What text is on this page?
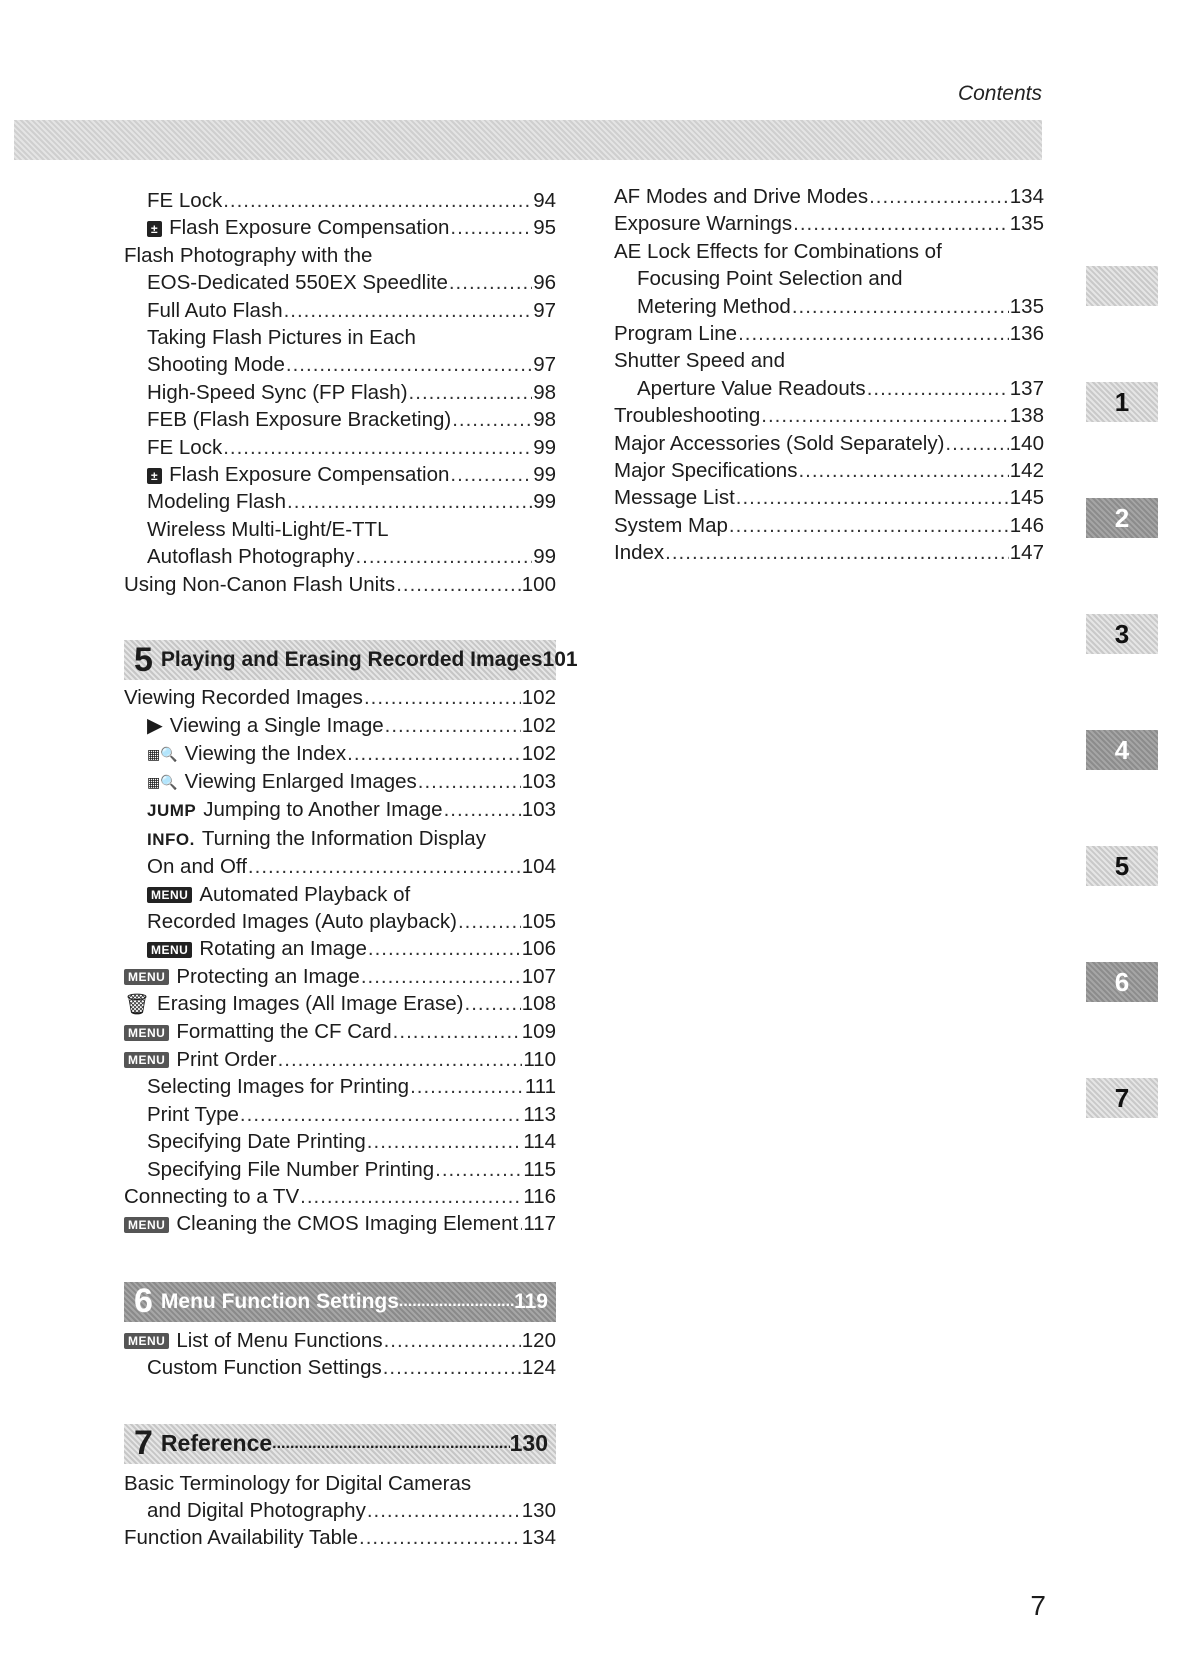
Contents
FE Lock .....	94
± Flash Exposure Compensation .....	95
Flash Photography with the
EOS-Dedicated 550EX Speedlite .....	96
Full Auto Flash .....	97
Taking Flash Pictures in Each
Shooting Mode .....	97
High-Speed Sync (FP Flash) .....	98
FEB (Flash Exposure Bracketing) .....	98
FE Lock .....	99
± Flash Exposure Compensation .....	99
Modeling Flash .....	99
Wireless Multi-Light/E-TTL
Autoflash Photography .....	99
Using Non-Canon Flash Units .....	100
5 Playing and Erasing Recorded Images 101
Viewing Recorded Images .....	102
▶ Viewing a Single Image .....	102
▦🔍 Viewing the Index .....	102
▦🔍 Viewing Enlarged Images .....	103
JUMP Jumping to Another Image .....	103
INFO. Turning the Information Display
On and Off .....	104
MENU Automated Playback of
Recorded Images (Auto playback) .....	105
MENU Rotating an Image .....	106
MENU Protecting an Image .....	107
🗑 Erasing Images (All Image Erase) .....	108
MENU Formatting the CF Card .....	109
MENU Print Order .....	110
Selecting Images for Printing .....	111
Print Type .....	113
Specifying Date Printing .....	114
Specifying File Number Printing .....	115
Connecting to a TV .....	116
MENU Cleaning the CMOS Imaging Element ..... 117
6 Menu Function Settings .....	119
MENU List of Menu Functions .....	120
Custom Function Settings .....	124
7 Reference .....	130
Basic Terminology for Digital Cameras
and Digital Photography .....	130
Function Availability Table .....	134
AF Modes and Drive Modes .....	134
Exposure Warnings .....	135
AE Lock Effects for Combinations of
Focusing Point Selection and
Metering Method .....	135
Program Line .....	136
Shutter Speed and
Aperture Value Readouts .....	137
Troubleshooting .....	138
Major Accessories (Sold Separately) .....	140
Major Specifications .....	142
Message List .....	145
System Map .....	146
Index .....	147
1
2
3
4
5
6
7
7
